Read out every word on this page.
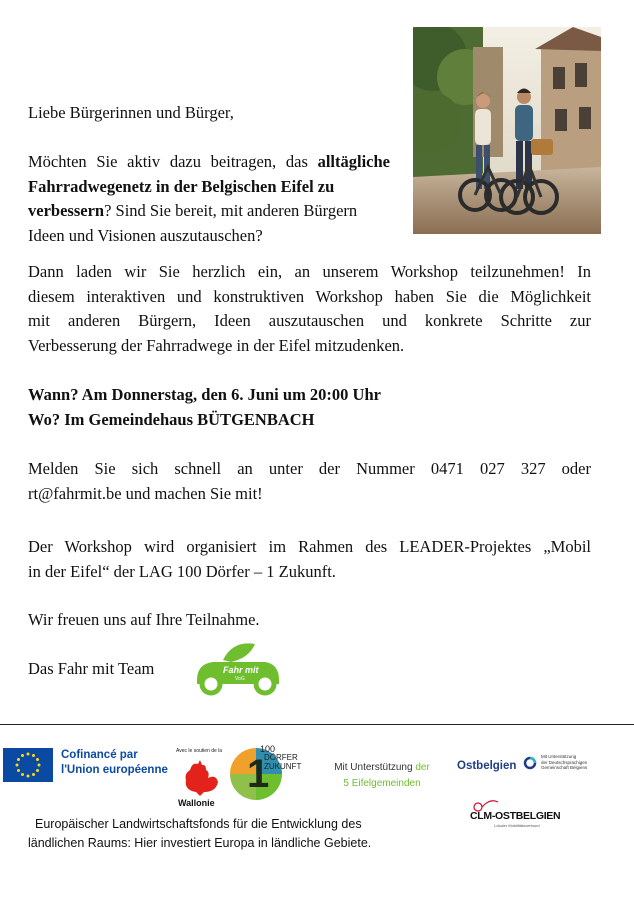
Liebe Bürgerinnen und Bürger,

Möchten Sie aktiv dazu beitragen, das alltägliche

Fahrradwegenetz in der Belgischen Eifel zu

verbessern? Sind Sie bereit, mit anderen Bürgern

Ideen und Visionen auszutauschen?

Dann laden wir Sie herzlich ein, an unserem Workshop teilzunehmen! In

diesem interaktiven und konstruktiven Workshop haben Sie die Möglichkeit

mit anderen Bürgern, Ideen auszutauschen und konkrete Schritte zur

Verbesserung der Fahrradwege in der Eifel mitzudenken.

Wann? Am Donnerstag, den 6. Juni um 20:00 Uhr

Wo? Im Gemeindehaus BÜTGENBACH

Melden Sie sich schnell an unter der Nummer 0471 027 327 oder

rt@fahrmit.be und machen Sie mit!

Der Workshop wird organisiert im Rahmen des LEADER-Projektes „Mobil

in der Eifel“ der LAG 100 Dörfer – 1 Zukunft.

Wir freuen uns auf Ihre Teilnahme.

Das Fahr mit Team	Fahr mit
VoG
Cofinancé par
l'Union européenne
Avec le soutien de la
Wallonie
1
100
DÖRFER
ZUKUNFT	Mit Unterstützung der
5 Eifelgemeinden
Ostbelgien
Mit Unterstützung
der Deutschsprachigen
Gemeinschaft Belgiens
CLM-OSTBELGIEN
Lokaler Mobilitätsverbund

Europäischer Landwirtschaftsfonds für die Entwicklung des

ländlichen Raums: Hier investiert Europa in ländliche Gebiete.
